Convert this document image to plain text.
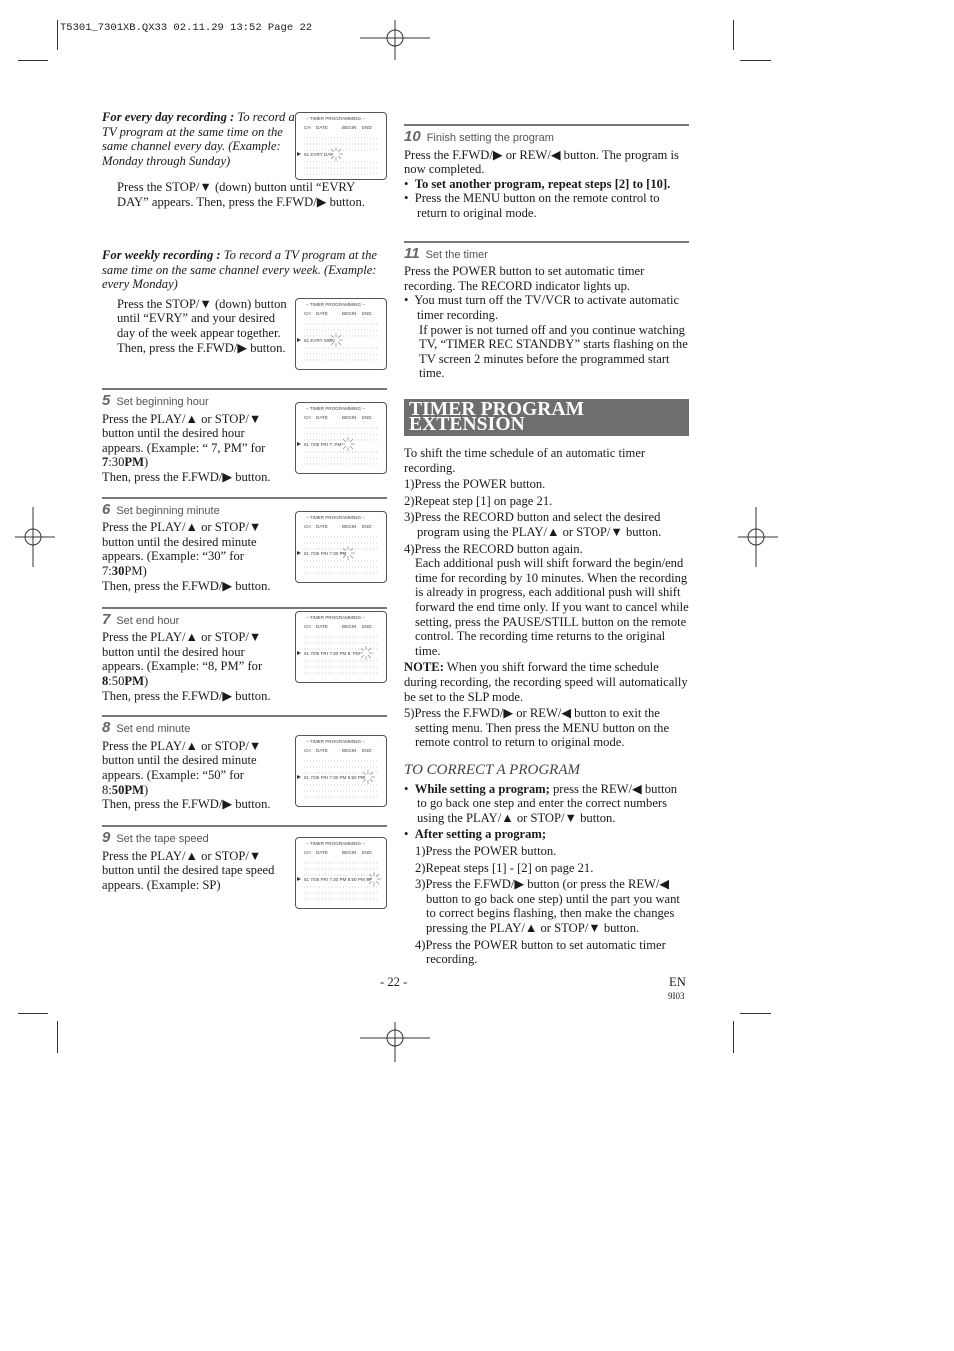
T5301_7301XB.QX33 02.11.29 13:52 Page 22

For every day recording : To record a TV program at the same time on the same channel every day. (Example: Monday through Sunday)

Press the STOP/▼ (down) button until “EVRY DAY” appears. Then, press the F.FWD/▶ button.

– TIMER PROGRAMMING –
CH DATE	BEGIN END
61 EVRY DAY

For weekly recording : To record a TV program at the same time on the same channel every week. (Example: every Monday)

Press the STOP/▼ (down) button until “EVRY” and your desired day of the week appear together. Then, press the F.FWD/▶ button.

– TIMER PROGRAMMING –
CH DATE	BEGIN END
61 EVRY MON
5 Set beginning hour

Press the PLAY/▲ or STOP/▼ button until the desired hour appears. (Example: “ 7, PM” for 7:30PM)

Then, press the F.FWD/▶ button.

– TIMER PROGRAMMING –
CH DATE	BEGIN END
61 7/05 FRI 7: PM
6 Set beginning minute

Press the PLAY/▲ or STOP/▼ button until the desired minute appears. (Example: “30” for 7:30PM)

Then, press the F.FWD/▶ button.

– TIMER PROGRAMMING –
CH DATE	BEGIN END
61 7/05 FRI 7:30 PM
7 Set end hour

Press the PLAY/▲ or STOP/▼ button until the desired hour appears. (Example: “8, PM” for 8:50PM)

Then, press the F.FWD/▶ button.

– TIMER PROGRAMMING –
CH DATE	BEGIN END
61 7/05 FRI 7:30 PM 8: PM
8 Set end minute

Press the PLAY/▲ or STOP/▼ button until the desired minute appears. (Example: “50” for 8:50PM)

Then, press the F.FWD/▶ button.

– TIMER PROGRAMMING –
CH DATE	BEGIN END
61 7/05 FRI 7:30 PM 8:50 PM
9 Set the tape speed

Press the PLAY/▲ or STOP/▼ button until the desired tape speed appears. (Example: SP)

– TIMER PROGRAMMING –
CH DATE	BEGIN END
61 7/05 FRI 7:30 PM 8:50 PM SP
10 Finish setting the program

Press the F.FWD/▶ or REW/◀ button. The program is now completed.

•  To set another program, repeat steps [2] to [10].

•  Press the MENU button on the remote control to return to original mode.

11 Set the timer

Press the POWER button to set automatic timer recording. The RECORD indicator lights up.

•  You must turn off the TV/VCR to activate automatic timer recording.

If power is not turned off and you continue watching TV, “TIMER REC STANDBY” starts flashing on the TV screen 2 minutes before the programmed start time.

TIMER PROGRAM EXTENSION

To shift the time schedule of an automatic timer recording.

1)Press the POWER button.

2)Repeat step [1] on page 21.

3)Press the RECORD button and select the desired program using the PLAY/▲ or STOP/▼ button.

4)Press the RECORD button again.

Each additional push will shift forward the begin/end time for recording by 10 minutes. When the recording is already in progress, each additional push will shift forward the end time only. If you want to cancel while setting, press the PAUSE/STILL button on the remote control. The recording time returns to the original time.

NOTE: When you shift forward the time schedule during recording, the recording speed will automatically be set to the SLP mode.

5)Press the F.FWD/▶ or REW/◀ button to exit the setting menu. Then press the MENU button on the remote control to return to original mode.

TO CORRECT A PROGRAM

•  While setting a program; press the REW/◀ button to go back one step and enter the correct numbers using the PLAY/▲ or STOP/▼ button.

•  After setting a program;

1)Press the POWER button.

2)Repeat steps [1] - [2] on page 21.

3)Press the F.FWD/▶ button (or press the REW/◀ button to go back one step) until the part you want to correct begins flashing, then make the changes pressing the PLAY/▲ or STOP/▼ button.

4)Press the POWER button to set automatic timer recording.

- 22 -	EN
9I03
